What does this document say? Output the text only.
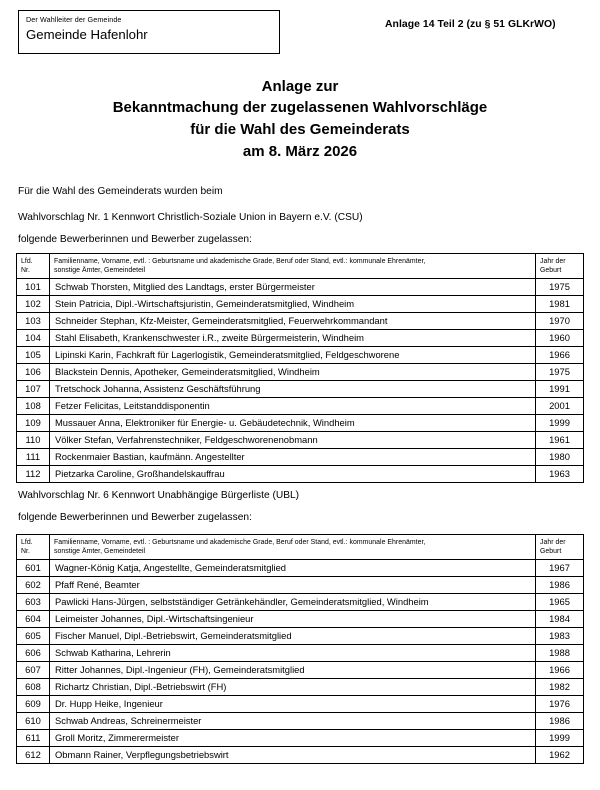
Der Wahlleiter der Gemeinde
Gemeinde Hafenlohr
Anlage 14 Teil 2 (zu § 51 GLKrWO)
Anlage zur
Bekanntmachung der zugelassenen Wahlvorschläge
für die Wahl des Gemeinderats
am 8. März 2026
Für die Wahl des Gemeinderats wurden beim
Wahlvorschlag Nr. 1 Kennwort Christlich-Soziale Union in Bayern e.V. (CSU)
folgende Bewerberinnen und Bewerber zugelassen:
Lfd.
Nr.

Familienname, Vorname, evtl. : Geburtsname und akademische Grade, Beruf oder Stand, evtl.: kommunale Ehrenämter,
sonstige Ämter, Gemeindeteil

Jahr der
Geburt

101	Schwab Thorsten, Mitglied des Landtags, erster Bürgermeister	1975
102	Stein Patricia, Dipl.-Wirtschaftsjuristin, Gemeinderatsmitglied, Windheim	1981
103	Schneider Stephan, Kfz-Meister, Gemeinderatsmitglied, Feuerwehrkommandant	1970
104	Stahl Elisabeth, Krankenschwester i.R., zweite Bürgermeisterin, Windheim	1960
105	Lipinski Karin, Fachkraft für Lagerlogistik, Gemeinderatsmitglied, Feldgeschworene	1966
106	Blackstein Dennis, Apotheker, Gemeinderatsmitglied, Windheim	1975
107	Tretschock Johanna, Assistenz Geschäftsführung	1991
108	Fetzer Felicitas, Leitstanddisponentin	2001
109	Mussauer Anna, Elektroniker für Energie- u. Gebäudetechnik, Windheim	1999
110	Völker Stefan, Verfahrenstechniker, Feldgeschworenenobmann	1961
111	Rockenmaier Bastian, kaufmänn. Angestellter	1980
112	Pietzarka Caroline, Großhandelskauffrau	1963
Wahlvorschlag Nr. 6 Kennwort Unabhängige Bürgerliste (UBL)
folgende Bewerberinnen und Bewerber zugelassen:
Lfd.
Nr.

Familienname, Vorname, evtl. : Geburtsname und akademische Grade, Beruf oder Stand, evtl.: kommunale Ehrenämter,
sonstige Ämter, Gemeindeteil

Jahr der
Geburt

601	Wagner-König Katja, Angestellte, Gemeinderatsmitglied	1967
602	Pfaff René, Beamter	1986
603	Pawlicki Hans-Jürgen, selbstständiger Getränkehändler, Gemeinderatsmitglied, Windheim	1965
604	Leimeister Johannes, Dipl.-Wirtschaftsingenieur	1984
605	Fischer Manuel, Dipl.-Betriebswirt, Gemeinderatsmitglied	1983
606	Schwab Katharina, Lehrerin	1988
607	Ritter Johannes, Dipl.-Ingenieur (FH), Gemeinderatsmitglied	1966
608	Richartz Christian, Dipl.-Betriebswirt (FH)	1982
609	Dr. Hupp Heike, Ingenieur	1976
610	Schwab Andreas, Schreinermeister	1986
611	Groll Moritz, Zimmerermeister	1999
612	Obmann Rainer, Verpflegungsbetriebswirt	1962
